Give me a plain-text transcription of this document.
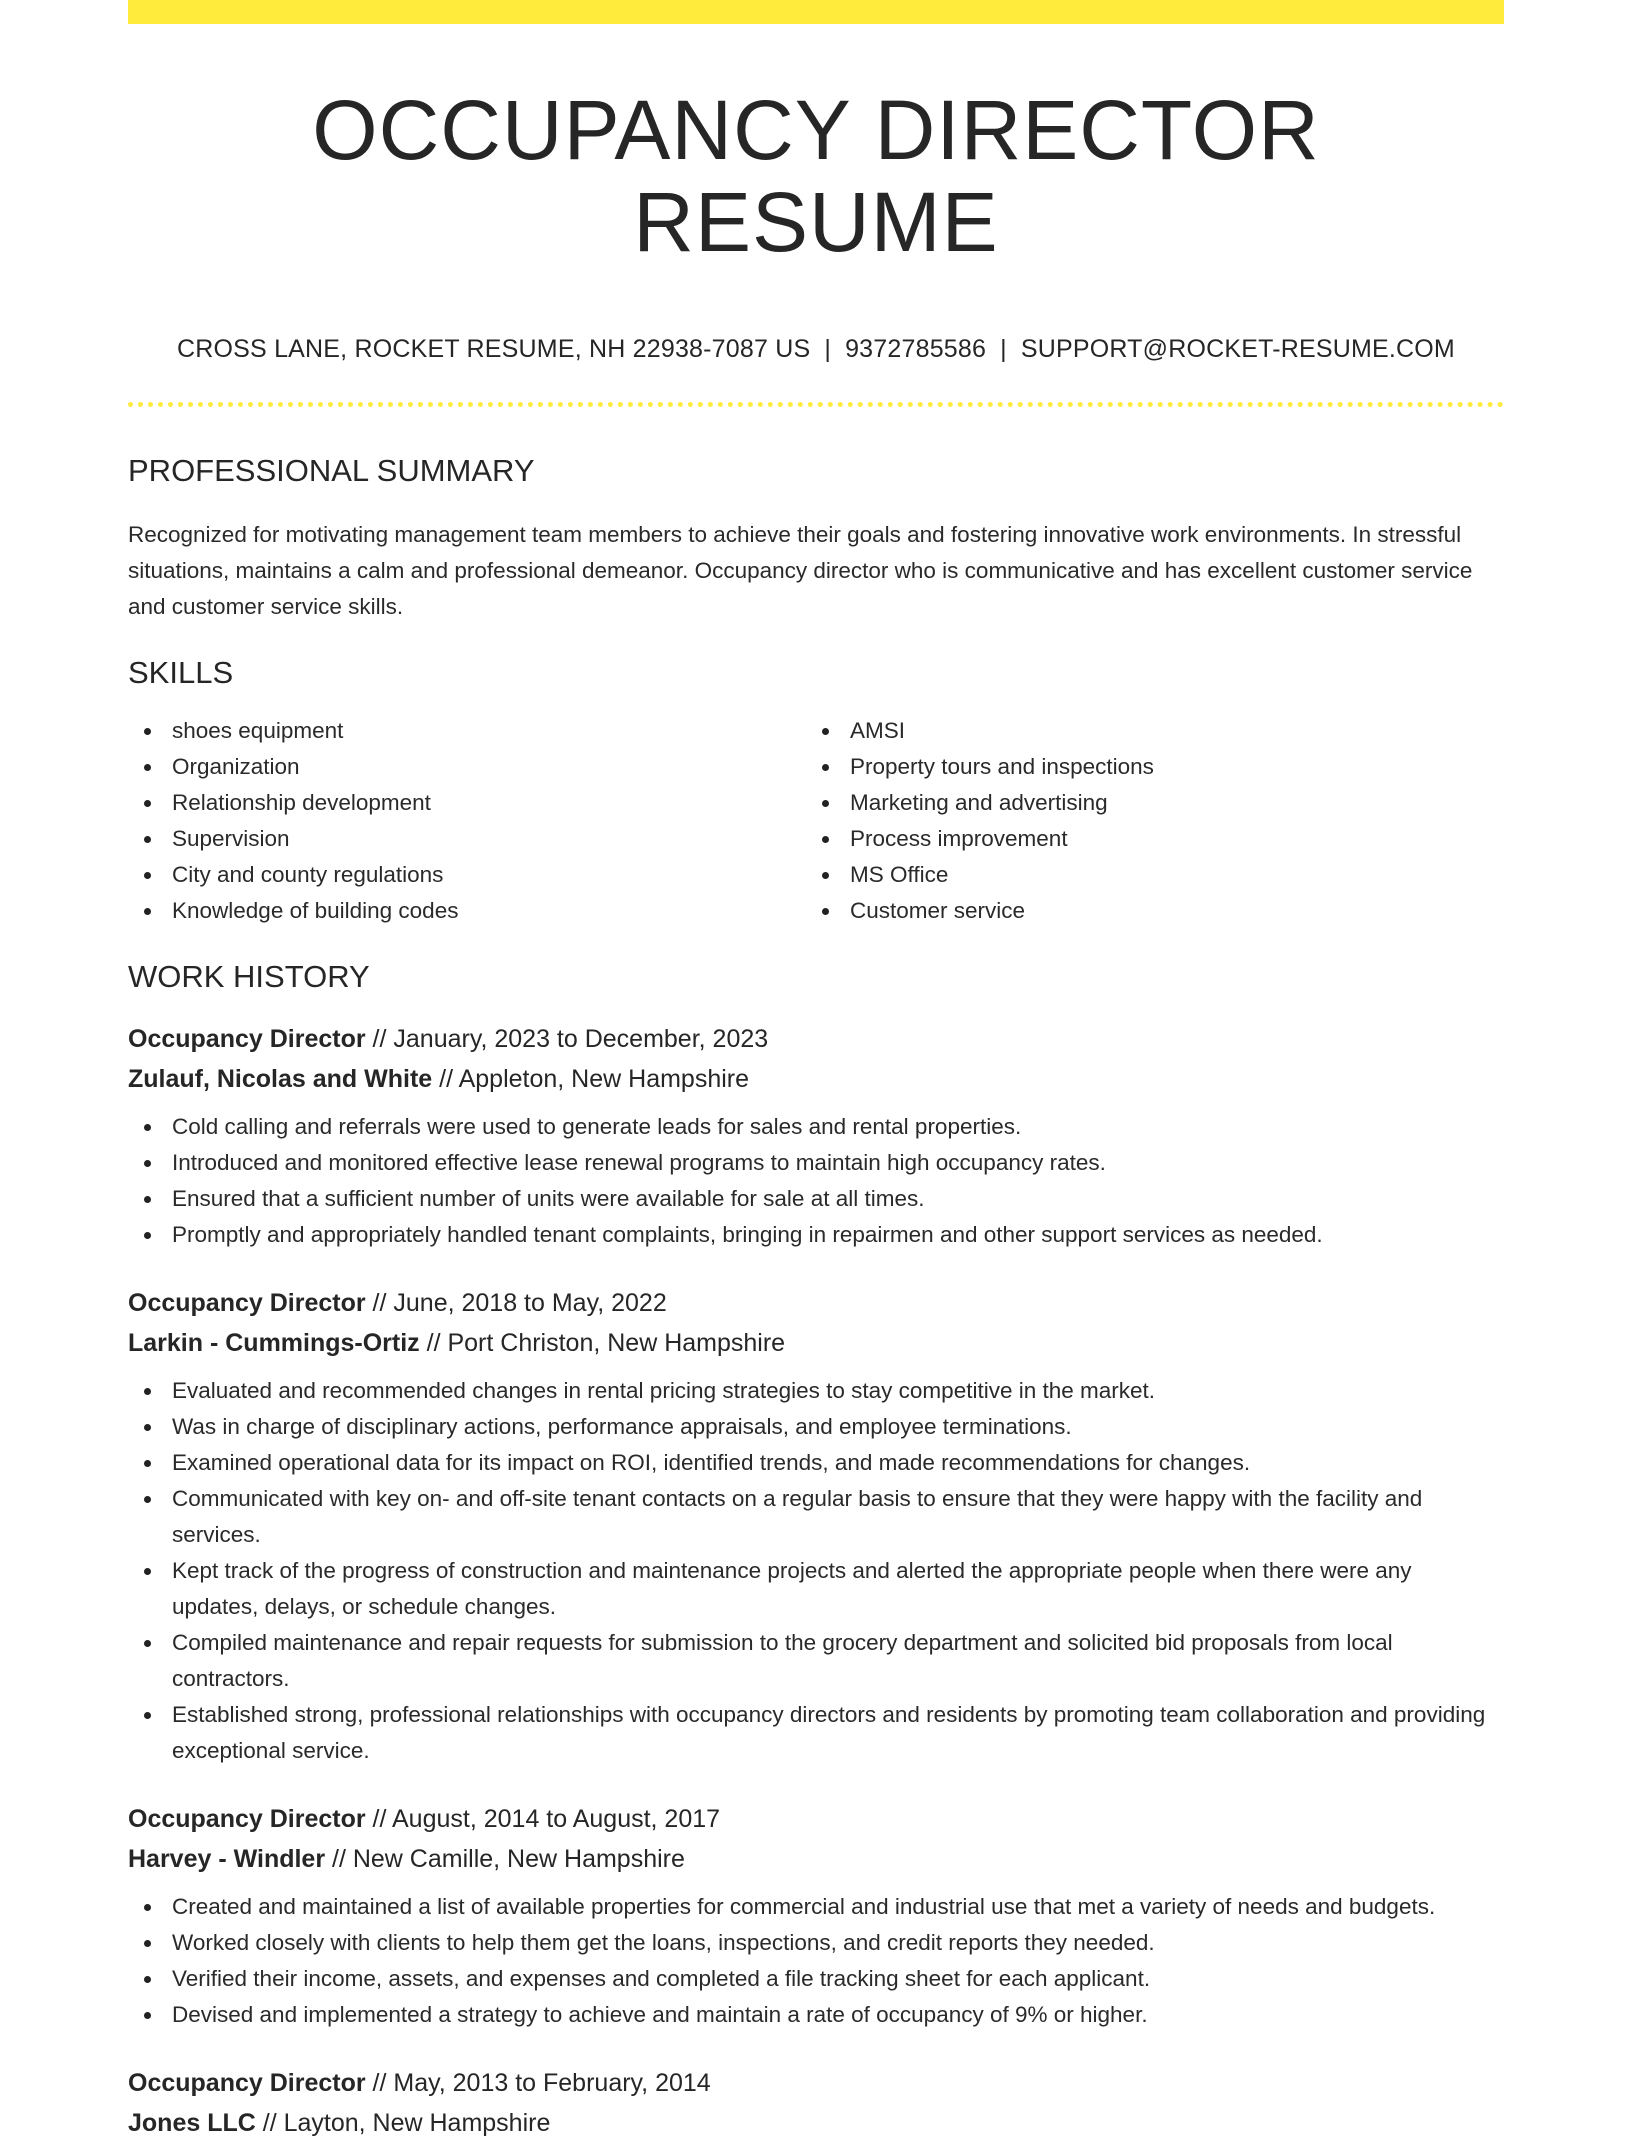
OCCUPANCY DIRECTOR RESUME
CROSS LANE, ROCKET RESUME, NH 22938-7087 US | 9372785586 | SUPPORT@ROCKET-RESUME.COM
PROFESSIONAL SUMMARY
Recognized for motivating management team members to achieve their goals and fostering innovative work environments. In stressful situations, maintains a calm and professional demeanor. Occupancy director who is communicative and has excellent customer service and customer service skills.
SKILLS
shoes equipment
Organization
Relationship development
Supervision
City and county regulations
Knowledge of building codes
AMSI
Property tours and inspections
Marketing and advertising
Process improvement
MS Office
Customer service
WORK HISTORY
Occupancy Director // January, 2023 to December, 2023
Zulauf, Nicolas and White // Appleton, New Hampshire
Cold calling and referrals were used to generate leads for sales and rental properties.
Introduced and monitored effective lease renewal programs to maintain high occupancy rates.
Ensured that a sufficient number of units were available for sale at all times.
Promptly and appropriately handled tenant complaints, bringing in repairmen and other support services as needed.
Occupancy Director // June, 2018 to May, 2022
Larkin - Cummings-Ortiz // Port Christon, New Hampshire
Evaluated and recommended changes in rental pricing strategies to stay competitive in the market.
Was in charge of disciplinary actions, performance appraisals, and employee terminations.
Examined operational data for its impact on ROI, identified trends, and made recommendations for changes.
Communicated with key on- and off-site tenant contacts on a regular basis to ensure that they were happy with the facility and services.
Kept track of the progress of construction and maintenance projects and alerted the appropriate people when there were any updates, delays, or schedule changes.
Compiled maintenance and repair requests for submission to the grocery department and solicited bid proposals from local contractors.
Established strong, professional relationships with occupancy directors and residents by promoting team collaboration and providing exceptional service.
Occupancy Director // August, 2014 to August, 2017
Harvey - Windler // New Camille, New Hampshire
Created and maintained a list of available properties for commercial and industrial use that met a variety of needs and budgets.
Worked closely with clients to help them get the loans, inspections, and credit reports they needed.
Verified their income, assets, and expenses and completed a file tracking sheet for each applicant.
Devised and implemented a strategy to achieve and maintain a rate of occupancy of 9% or higher.
Occupancy Director // May, 2013 to February, 2014
Jones LLC // Layton, New Hampshire
